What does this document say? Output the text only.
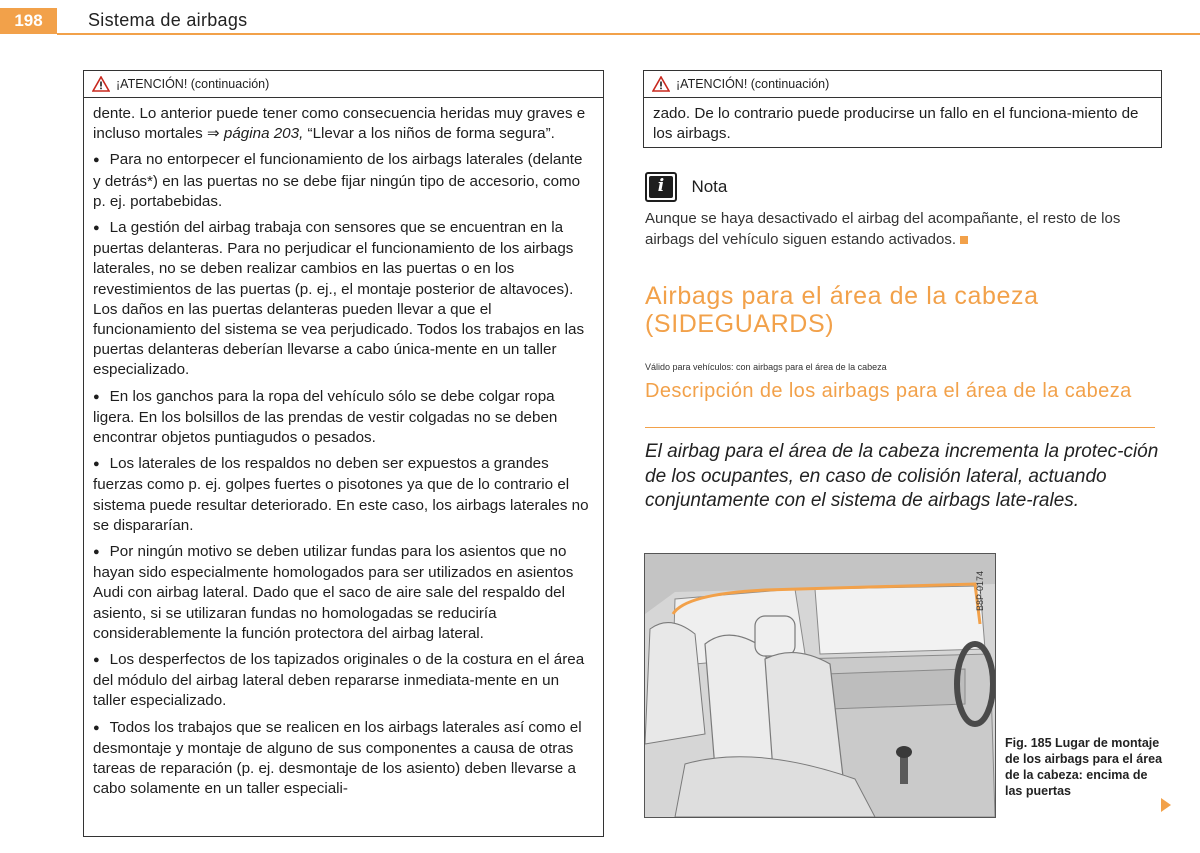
198	Sistema de airbags
¡ATENCIÓN! (continuación)

dente. Lo anterior puede tener como consecuencia heridas muy graves e incluso mortales ⇒ página 203, “Llevar a los niños de forma segura”.

● Para no entorpecer el funcionamiento de los airbags laterales (delante y detrás*) en las puertas no se debe fijar ningún tipo de accesorio, como p. ej. portabebidas.

● La gestión del airbag trabaja con sensores que se encuentran en la puertas delanteras. Para no perjudicar el funcionamiento de los airbags laterales, no se deben realizar cambios en las puertas o en los revestimientos de las puertas (p. ej., el montaje posterior de altavoces). Los daños en las puertas delanteras pueden llevar a que el funcionamiento del sistema se vea perjudicado. Todos los trabajos en las puertas delanteras deberían llevarse a cabo única-mente en un taller especializado.

● En los ganchos para la ropa del vehículo sólo se debe colgar ropa ligera. En los bolsillos de las prendas de vestir colgadas no se deben encontrar objetos puntiagudos o pesados.

● Los laterales de los respaldos no deben ser expuestos a grandes fuerzas como p. ej. golpes fuertes o pisotones ya que de lo contrario el sistema puede resultar deteriorado. En este caso, los airbags laterales no se dispararían.

● Por ningún motivo se deben utilizar fundas para los asientos que no hayan sido especialmente homologados para ser utilizados en asientos Audi con airbag lateral. Dado que el saco de aire sale del respaldo del asiento, si se utilizaran fundas no homologadas se reduciría considerablemente la función protectora del airbag lateral.

● Los desperfectos de los tapizados originales o de la costura en el área del módulo del airbag lateral deben repararse inmediata-mente en un taller especializado.

● Todos los trabajos que se realicen en los airbags laterales así como el desmontaje y montaje de alguno de sus componentes a causa de otras tareas de reparación (p. ej. desmontaje de los asiento) deben llevarse a cabo solamente en un taller especiali-

¡ATENCIÓN! (continuación)

zado. De lo contrario puede producirse un fallo en el funciona-miento de los airbags.

i	Nota
Aunque se haya desactivado el airbag del acompañante, el resto de los airbags del vehículo siguen estando activados.
Airbags para el área de la cabeza (SIDEGUARDS)
Válido para vehículos: con airbags para el área de la cabeza
Descripción de los airbags para el área de la cabeza
El airbag para el área de la cabeza incrementa la protec-ción de los ocupantes, en caso de colisión lateral, actuando conjuntamente con el sistema de airbags late-rales.
B8P-0174
Fig. 185 Lugar de montaje de los airbags para el área de la cabeza: encima de las puertas
